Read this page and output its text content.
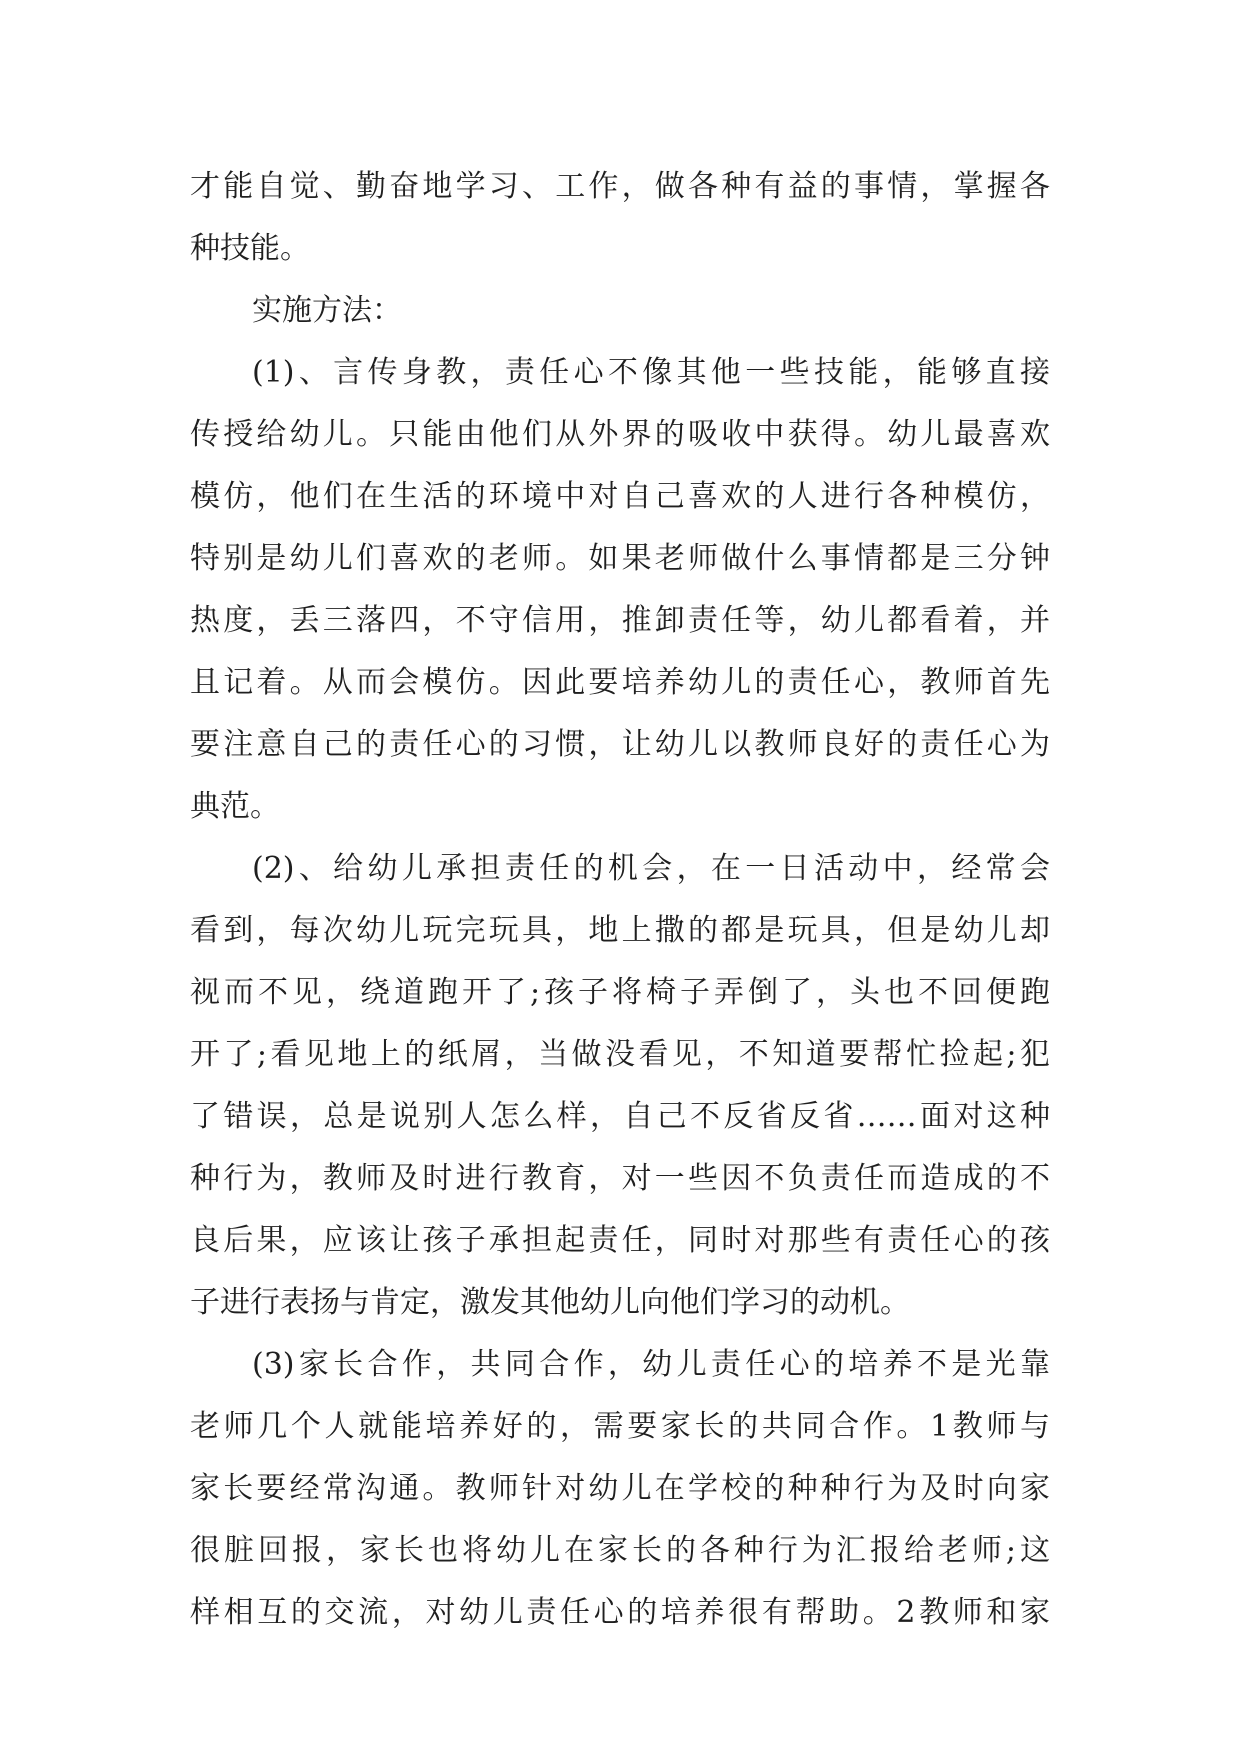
才能自觉、勤奋地学习、工作，做各种有益的事情，掌握各
种技能。
实施方法：
(1)、言传身教，责任心不像其他一些技能，能够直接
传授给幼儿。只能由他们从外界的吸收中获得。幼儿最喜欢
模仿，他们在生活的环境中对自己喜欢的人进行各种模仿，
特别是幼儿们喜欢的老师。如果老师做什么事情都是三分钟
热度，丢三落四，不守信用，推卸责任等，幼儿都看着，并
且记着。从而会模仿。因此要培养幼儿的责任心，教师首先
要注意自己的责任心的习惯，让幼儿以教师良好的责任心为
典范。
(2)、给幼儿承担责任的机会，在一日活动中，经常会
看到，每次幼儿玩完玩具，地上撒的都是玩具，但是幼儿却
视而不见，绕道跑开了;孩子将椅子弄倒了，头也不回便跑
开了;看见地上的纸屑，当做没看见，不知道要帮忙捡起;犯
了错误，总是说别人怎么样，自己不反省反省……面对这种
种行为，教师及时进行教育，对一些因不负责任而造成的不
良后果，应该让孩子承担起责任，同时对那些有责任心的孩
子进行表扬与肯定，激发其他幼儿向他们学习的动机。
(3)家长合作，共同合作，幼儿责任心的培养不是光靠
老师几个人就能培养好的，需要家长的共同合作。1教师与
家长要经常沟通。教师针对幼儿在学校的种种行为及时向家
很脏回报，家长也将幼儿在家长的各种行为汇报给老师;这
样相互的交流，对幼儿责任心的培养很有帮助。2教师和家
